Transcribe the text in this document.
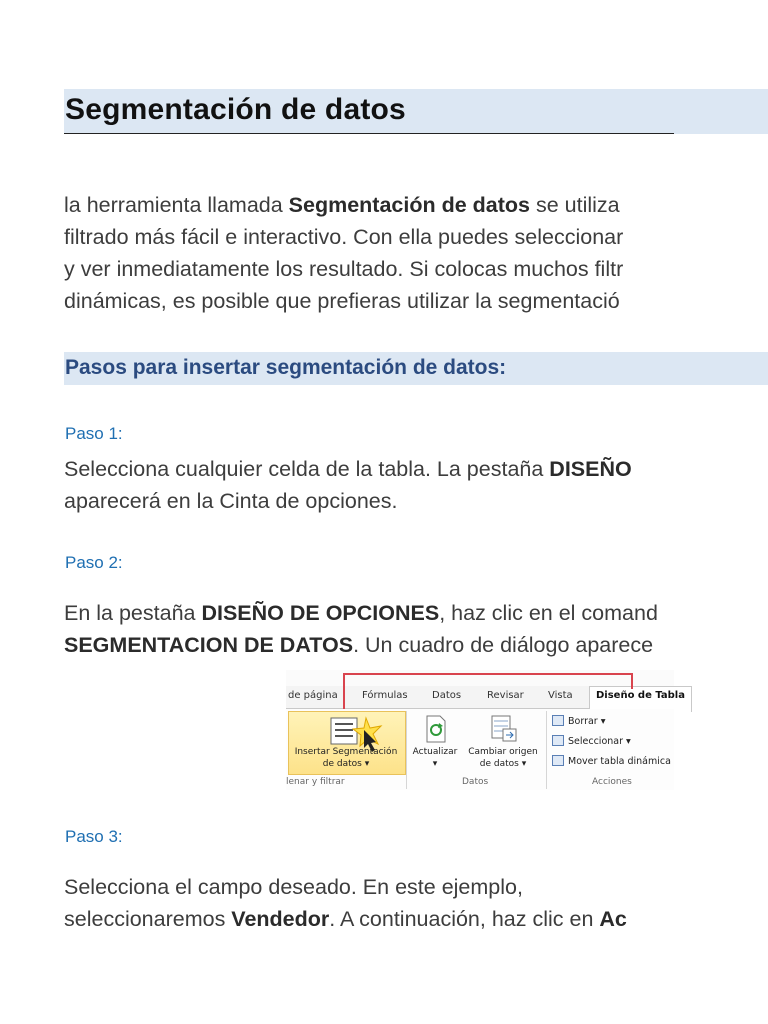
Segmentación de datos
la herramienta llamada Segmentación de datos se utiliza
filtrado más fácil e interactivo. Con ella puedes seleccionar
y ver inmediatamente los resultado. Si colocas muchos filtr
dinámicas, es posible que prefieras utilizar la segmentació
Pasos para insertar segmentación de datos:
Paso 1:
Selecciona cualquier celda de la tabla. La pestaña DISEÑO
aparecerá en la Cinta de opciones.
Paso 2:
En la pestaña DISEÑO DE OPCIONES, haz clic en el comand
SEGMENTACION DE DATOS. Un cuadro de diálogo aparece
de página Fórmulas Datos	Revisar Vista	Diseño de Tabla
Insertar Segmentación
de datos ▾
lenar y filtrar
Actualizar
▾
Cambiar origen
de datos ▾
Datos
Borrar ▾
Seleccionar ▾
Mover tabla dinámica
Acciones
Paso 3:
Selecciona el campo deseado. En este ejemplo,
seleccionaremos Vendedor. A continuación, haz clic en Ac
